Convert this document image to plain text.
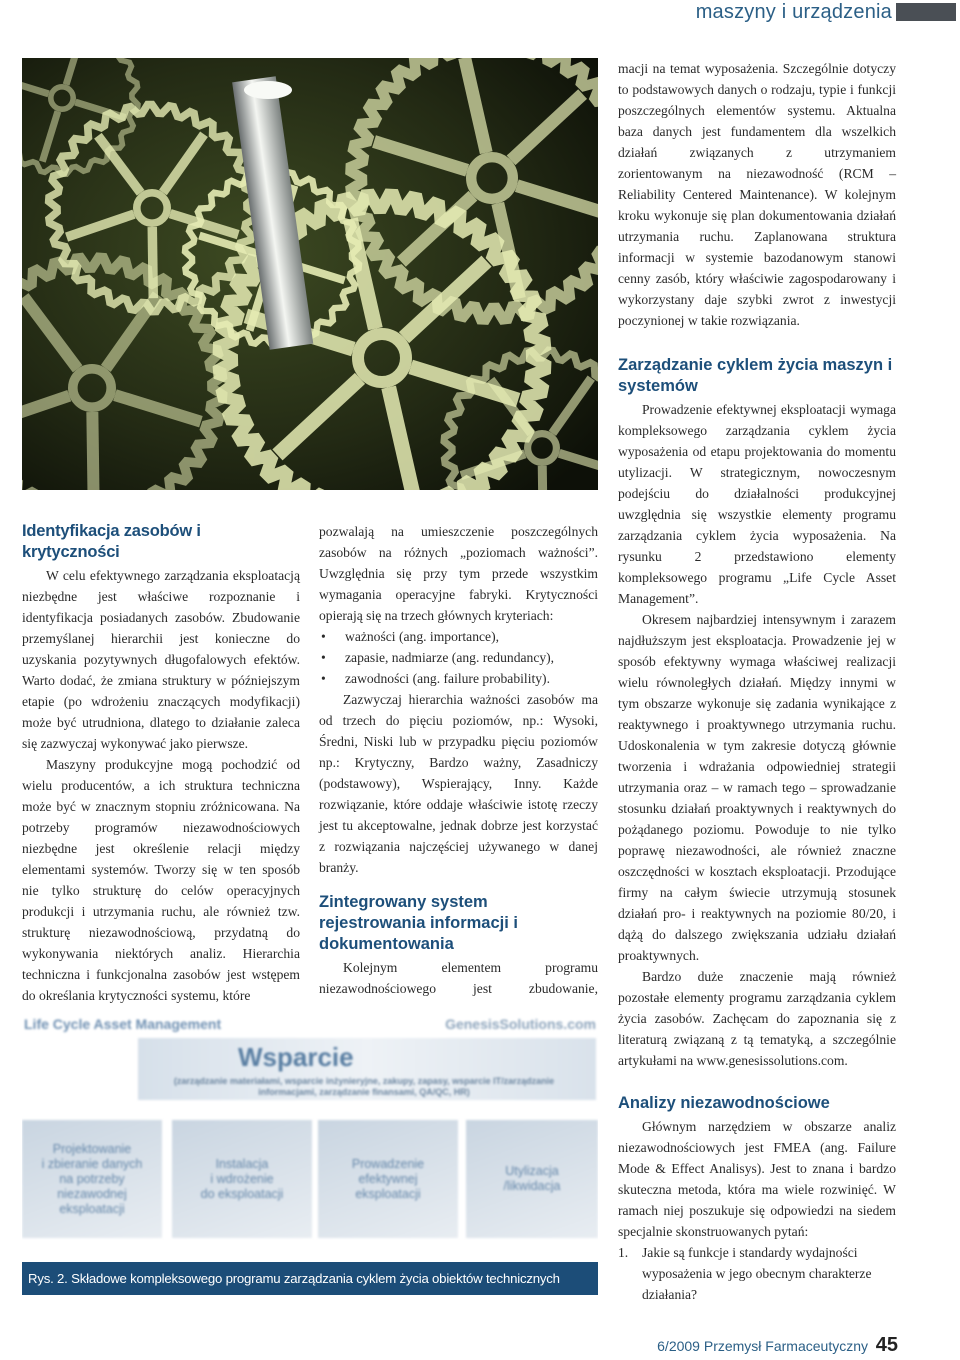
maszyny i urządzenia
Identyfikacja zasobów i krytyczności

W celu efektywnego zarządzania eksploatacją niezbędne jest właściwe rozpoznanie i identyfikacja posiadanych zasobów. Zbudowanie przemyślanej hierarchii jest konieczne do uzyskania pozytywnych długofalowych efektów. Warto dodać, że zmiana struktury w późniejszym etapie (po wdrożeniu znaczących modyfikacji) może być utrudniona, dlatego to działanie zaleca się zazwyczaj wykonywać jako pierwsze.

Maszyny produkcyjne mogą pochodzić od wielu producentów, a ich struktura techniczna może być w znacznym stopniu zróżnicowana. Na potrzeby programów niezawodnościowych niezbędne jest określenie relacji między elementami systemów. Tworzy się w ten sposób nie tylko strukturę do celów operacyjnych produkcji i utrzymania ruchu, ale również tzw. strukturę niezawodnościową, przydatną do wykonywania niektórych analiz. Hierarchia techniczna i funkcjonalna zasobów jest wstępem do określania krytyczności systemu, które

pozwalają na umieszczenie poszczególnych zasobów na różnych „poziomach ważności”. Uwzględnia się przy tym przede wszystkim wymagania operacyjne fabryki. Krytyczności opierają się na trzech głównych kryteriach:

• ważności (ang. importance),
• zapasie, nadmiarze (ang. redundancy),
• zawodności (ang. failure probability).

Zazwyczaj hierarchia ważności zasobów ma od trzech do pięciu poziomów, np.: Wysoki, Średni, Niski lub w przypadku pięciu poziomów np.: Krytyczny, Bardzo ważny, Zasadniczy (podstawowy), Wspierający, Inny. Każde rozwiązanie, które oddaje właściwie istotę rzeczy jest tu akceptowalne, jednak dobrze jest korzystać z rozwiązania najczęściej używanego w danej branży.

Zintegrowany system rejestrowania informacji i dokumentowania

Kolejnym elementem programu niezawodnościowego jest zbudowanie,

macji na temat wyposażenia. Szczególnie dotyczy to podstawowych danych o rodzaju, typie i funkcji poszczególnych elementów systemu. Aktualna baza danych jest fundamentem dla wszelkich działań związanych z utrzymaniem zorientowanym na niezawodność (RCM – Reliability Centered Maintenance). W kolejnym kroku wykonuje się plan dokumentowania działań utrzymania ruchu. Zaplanowana struktura informacji w systemie bazodanowym stanowi cenny zasób, który właściwie zagospodarowany i wykorzystany daje szybki zwrot z inwestycji poczynionej w takie rozwiązania.

Zarządzanie cyklem życia maszyn i systemów

Prowadzenie efektywnej eksploatacji wymaga kompleksowego zarządzania cyklem życia wyposażenia od etapu projektowania do momentu utylizacji. W strategicznym, nowoczesnym podejściu do działalności produkcyjnej uwzględnia się wszystkie elementy programu zarządzania cyklem życia wyposażenia. Na rysunku 2 przedstawiono elementy kompleksowego programu „Life Cycle Asset Management”.

Okresem najbardziej intensywnym i zarazem najdłuższym jest eksploatacja. Prowadzenie jej w sposób efektywny wymaga właściwej realizacji wielu równoległych działań. Między innymi w tym obszarze wykonuje się zadania wynikające z reaktywnego i proaktywnego utrzymania ruchu. Udoskonalenia w tym zakresie dotyczą głównie tworzenia i wdrażania odpowiedniej strategii utrzymania oraz – w ramach tego – sprowadzanie stosunku działań proaktywnych i reaktywnych do pożądanego poziomu. Powoduje to nie tylko poprawę niezawodności, ale również znaczne oszczędności w kosztach eksploatacji. Przodujące firmy na całym świecie utrzymują stosunek działań pro- i reaktywnych na poziomie 80/20, i dążą do dalszego zwiększania udziału działań proaktywnych.

Bardzo duże znaczenie mają również pozostałe elementy programu zarządzania cyklem życia zasobów. Zachęcam do zapoznania się z literaturą związaną z tą tematyką, a szczególnie artykułami na www.genesissolutions.com.

Analizy niezawodnościowe

Głównym narzędziem w obszarze analiz niezawodnościowych jest FMEA (ang. Failure Mode & Effect Analisys). Jest to znana i bardzo skuteczna metoda, która ma wiele rozwinięć. W ramach niej poszukuje się odpowiedzi na siedem specjalnie skonstruowanych pytań:

1. Jakie są funkcje i standardy wydajności wyposażenia w jego obecnym charakterze działania?
Life Cycle Asset Management	GenesisSolutions.com
Wsparcie
(zarządzanie materiałami, wsparcie inżynieryjne, zakupy, zapasy, wsparcie IT/zarządzanie informacjami, zarządzanie finansami, QA/QC, HR)
Projektowanie
i zbieranie danych
na potrzeby
niezawodnej
eksploatacji
Instalacja
i wdrożenie
do eksploatacji
Prowadzenie
efektywnej
eksploatacji
Utylizacja
/likwidacja
Rys. 2. Składowe kompleksowego programu zarządzania cyklem życia obiektów technicznych
6/2009 Przemysł Farmaceutyczny 45
